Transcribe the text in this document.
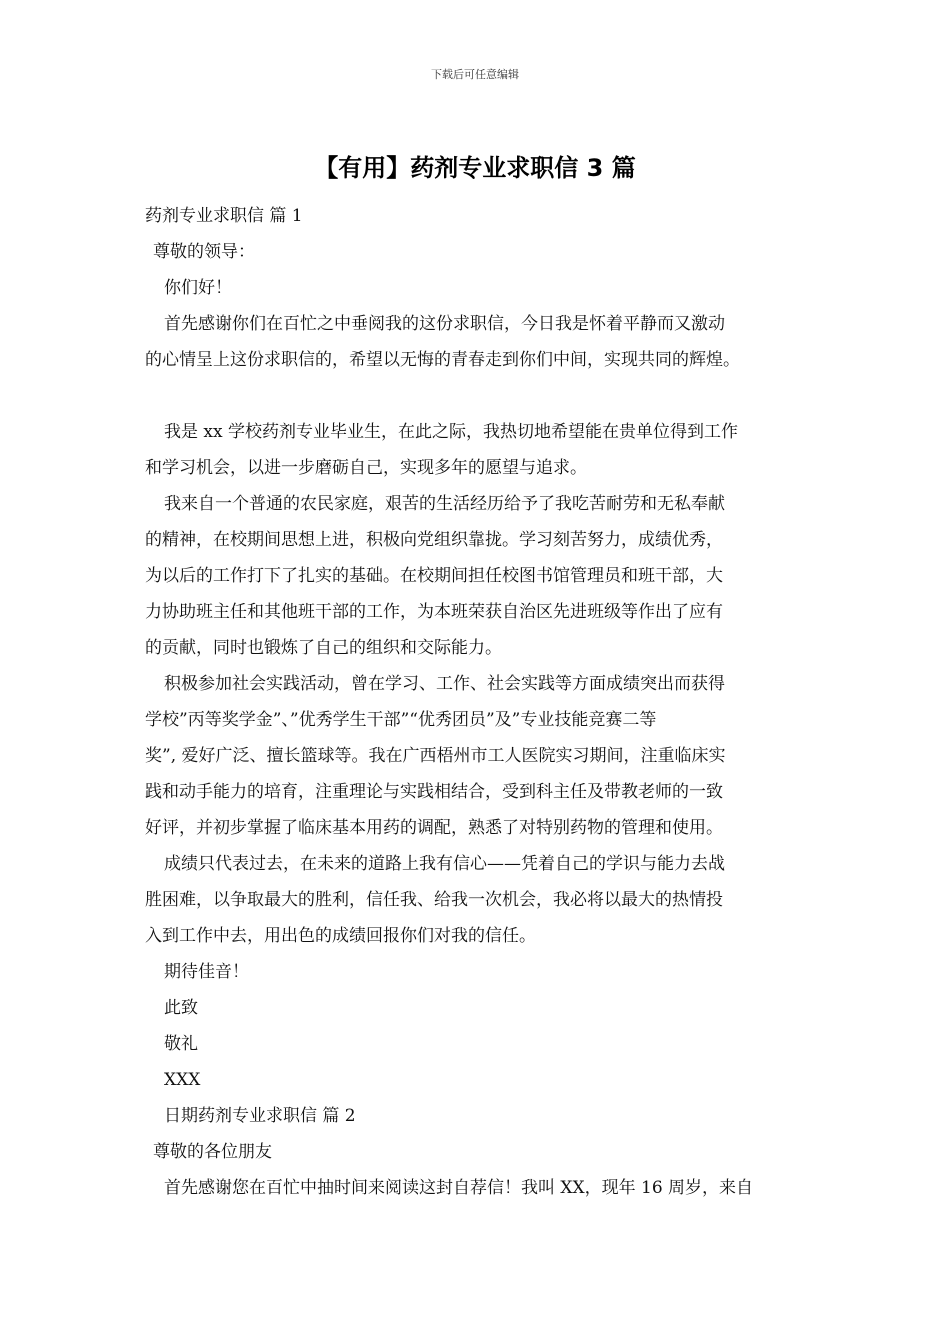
下载后可任意编辑
【有用】药剂专业求职信 3 篇
药剂专业求职信 篇 1
尊敬的领导：
你们好！
首先感谢你们在百忙之中垂阅我的这份求职信，今日我是怀着平静而又激动
的心情呈上这份求职信的，希望以无悔的青春走到你们中间，实现共同的辉煌。
我是 xx 学校药剂专业毕业生，在此之际，我热切地希望能在贵单位得到工作
和学习机会，以进一步磨砺自己，实现多年的愿望与追求。
我来自一个普通的农民家庭，艰苦的生活经历给予了我吃苦耐劳和无私奉献
的精神，在校期间思想上进，积极向党组织靠拢。学习刻苦努力，成绩优秀，
为以后的工作打下了扎实的基础。在校期间担任校图书馆管理员和班干部，大
力协助班主任和其他班干部的工作，为本班荣获自治区先进班级等作出了应有
的贡献，同时也锻炼了自己的组织和交际能力。
积极参加社会实践活动，曾在学习、工作、社会实践等方面成绩突出而获得
学校”丙等奖学金”、”优秀学生干部”“优秀团员”及”专业技能竞赛二等
奖”, 爱好广泛、擅长篮球等。我在广西梧州市工人医院实习期间，注重临床实
践和动手能力的培育，注重理论与实践相结合，受到科主任及带教老师的一致
好评，并初步掌握了临床基本用药的调配，熟悉了对特别药物的管理和使用。
成绩只代表过去，在未来的道路上我有信心——凭着自己的学识与能力去战
胜困难，以争取最大的胜利，信任我、给我一次机会，我必将以最大的热情投
入到工作中去，用出色的成绩回报你们对我的信任。
期待佳音！
此致
敬礼
XXX
日期药剂专业求职信 篇 2
尊敬的各位朋友
首先感谢您在百忙中抽时间来阅读这封自荐信！我叫 XX，现年 16 周岁，来自
